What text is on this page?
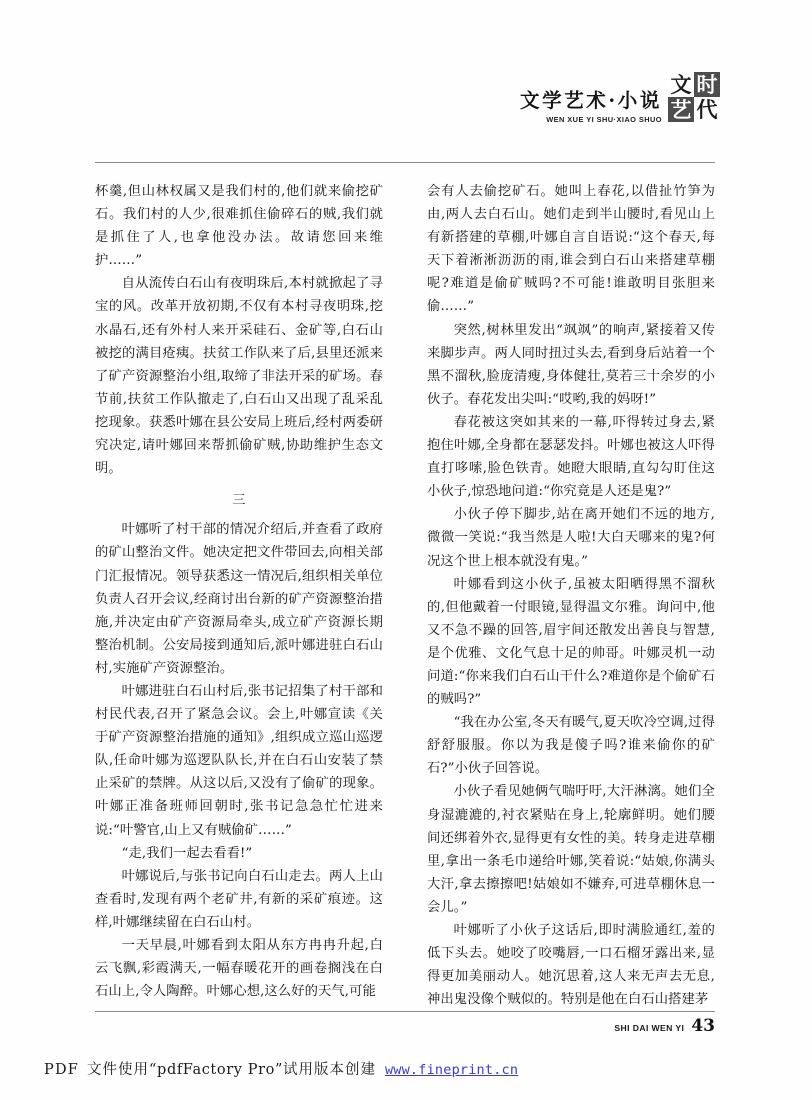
文学艺术·小说
WEN XUE YI SHU·XIAO SHUO
文 时
艺 代

杯羹,但山林权属又是我们村的,他们就来偷挖矿石。我们村的人少,很难抓住偷碎石的贼,我们就是抓住了人,也拿他没办法。故请您回来维护……”

自从流传白石山有夜明珠后,本村就掀起了寻宝的风。改革开放初期,不仅有本村寻夜明珠,挖水晶石,还有外村人来开采硅石、金矿等,白石山被挖的满目疮痍。扶贫工作队来了后,县里还派来了矿产资源整治小组,取缔了非法开采的矿场。春节前,扶贫工作队撤走了,白石山又出现了乱采乱挖现象。获悉叶娜在县公安局上班后,经村两委研究决定,请叶娜回来帮抓偷矿贼,协助维护生态文明。

三

叶娜听了村干部的情况介绍后,并查看了政府的矿山整治文件。她决定把文件带回去,向相关部门汇报情况。领导获悉这一情况后,组织相关单位负责人召开会议,经商讨出台新的矿产资源整治措施,并决定由矿产资源局牵头,成立矿产资源长期整治机制。公安局接到通知后,派叶娜进驻白石山村,实施矿产资源整治。

叶娜进驻白石山村后,张书记招集了村干部和村民代表,召开了紧急会议。会上,叶娜宣读《关于矿产资源整治措施的通知》,组织成立巡山巡逻队,任命叶娜为巡逻队队长,并在白石山安装了禁止采矿的禁牌。从这以后,又没有了偷矿的现象。叶娜正准备班师回朝时,张书记急急忙忙进来说:“叶警官,山上又有贼偷矿……”

“走,我们一起去看看!”

叶娜说后,与张书记向白石山走去。两人上山查看时,发现有两个老矿井,有新的采矿痕迹。这样,叶娜继续留在白石山村。

一天早晨,叶娜看到太阳从东方冉冉升起,白云飞飘,彩霞满天,一幅春暖花开的画卷搁浅在白石山上,令人陶醉。叶娜心想,这么好的天气,可能

会有人去偷挖矿石。她叫上春花,以借扯竹笋为由,两人去白石山。她们走到半山腰时,看见山上有新搭建的草棚,叶娜自言自语说:“这个春天,每天下着淅淅沥沥的雨,谁会到白石山来搭建草棚呢?难道是偷矿贼吗?不可能!谁敢明目张胆来偷……”

突然,树林里发出“飒飒”的响声,紧接着又传来脚步声。两人同时扭过头去,看到身后站着一个黑不溜秋,脸庞清瘦,身体健壮,莫若三十余岁的小伙子。春花发出尖叫:“哎哟,我的妈呀!”

春花被这突如其来的一幕,吓得转过身去,紧抱住叶娜,全身都在瑟瑟发抖。叶娜也被这人吓得直打哆嗦,脸色铁青。她瞪大眼睛,直勾勾盯住这小伙子,惊恐地问道:“你究竟是人还是鬼?”

小伙子停下脚步,站在离开她们不远的地方,微微一笑说:“我当然是人啦!大白天哪来的鬼?何况这个世上根本就没有鬼。”

叶娜看到这小伙子,虽被太阳晒得黑不溜秋的,但他戴着一付眼镜,显得温文尔雅。询问中,他又不急不躁的回答,眉宇间还散发出善良与智慧,是个优雅、文化气息十足的帅哥。叶娜灵机一动问道:“你来我们白石山干什么?难道你是个偷矿石的贼吗?”

“我在办公室,冬天有暖气,夏天吹冷空调,过得舒舒服服。你以为我是傻子吗?谁来偷你的矿石?”小伙子回答说。

小伙子看见她俩气喘吁吁,大汗淋漓。她们全身湿漉漉的,衬衣紧贴在身上,轮廓鲜明。她们腰间还绑着外衣,显得更有女性的美。转身走进草棚里,拿出一条毛巾递给叶娜,笑着说:“姑娘,你满头大汗,拿去擦擦吧!姑娘如不嫌弃,可进草棚休息一会儿。”

叶娜听了小伙子这话后,即时满脸通红,羞的低下头去。她咬了咬嘴唇,一口石榴牙露出来,显得更加美丽动人。她沉思着,这人来无声去无息,神出鬼没像个贼似的。特别是他在白石山搭建茅

SHI DAI WEN YI 43
PDF 文件使用 “pdfFactory Pro” 试用版本创建 www.fineprint.cn
